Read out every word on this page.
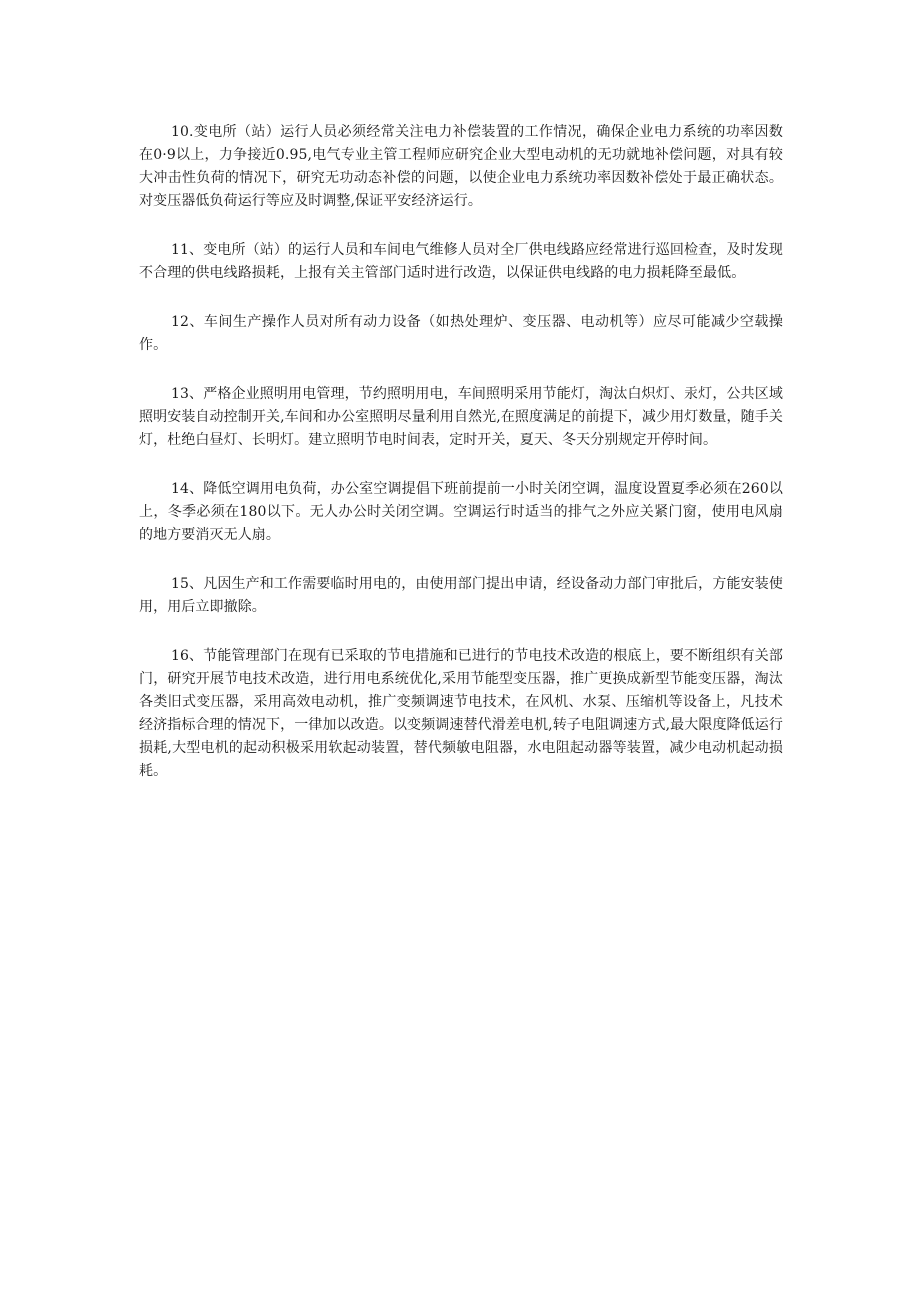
10.变电所（站）运行人员必须经常关注电力补偿装置的工作情况，确保企业电力系统的功率因数在0·9以上，力争接近0.95,电气专业主管工程师应研究企业大型电动机的无功就地补偿问题，对具有较大冲击性负荷的情况下，研究无功动态补偿的问题，以使企业电力系统功率因数补偿处于最正确状态。对变压器低负荷运行等应及时调整,保证平安经济运行。

11、变电所（站）的运行人员和车间电气维修人员对全厂供电线路应经常进行巡回检查，及时发现不合理的供电线路损耗，上报有关主管部门适时进行改造，以保证供电线路的电力损耗降至最低。

12、车间生产操作人员对所有动力设备（如热处理炉、变压器、电动机等）应尽可能减少空载操作。

13、严格企业照明用电管理，节约照明用电，车间照明采用节能灯，淘汰白炽灯、汞灯，公共区域照明安装自动控制开关,车间和办公室照明尽量利用自然光,在照度满足的前提下，减少用灯数量，随手关灯，杜绝白昼灯、长明灯。建立照明节电时间表，定时开关，夏天、冬天分别规定开停时间。

14、降低空调用电负荷，办公室空调提倡下班前提前一小时关闭空调，温度设置夏季必须在260以上，冬季必须在180以下。无人办公时关闭空调。空调运行时适当的排气之外应关紧门窗，使用电风扇的地方要消灭无人扇。

15、凡因生产和工作需要临时用电的，由使用部门提出申请，经设备动力部门审批后，方能安装使用，用后立即撤除。

16、节能管理部门在现有已采取的节电措施和已进行的节电技术改造的根底上，要不断组织有关部门，研究开展节电技术改造，进行用电系统优化,采用节能型变压器，推广更换成新型节能变压器，淘汰各类旧式变压器，采用高效电动机，推广变频调速节电技术，在风机、水泵、压缩机等设备上，凡技术经济指标合理的情况下，一律加以改造。以变频调速替代滑差电机,转子电阻调速方式,最大限度降低运行损耗,大型电机的起动积极采用软起动装置，替代频敏电阻器，水电阻起动器等装置，减少电动机起动损耗。
